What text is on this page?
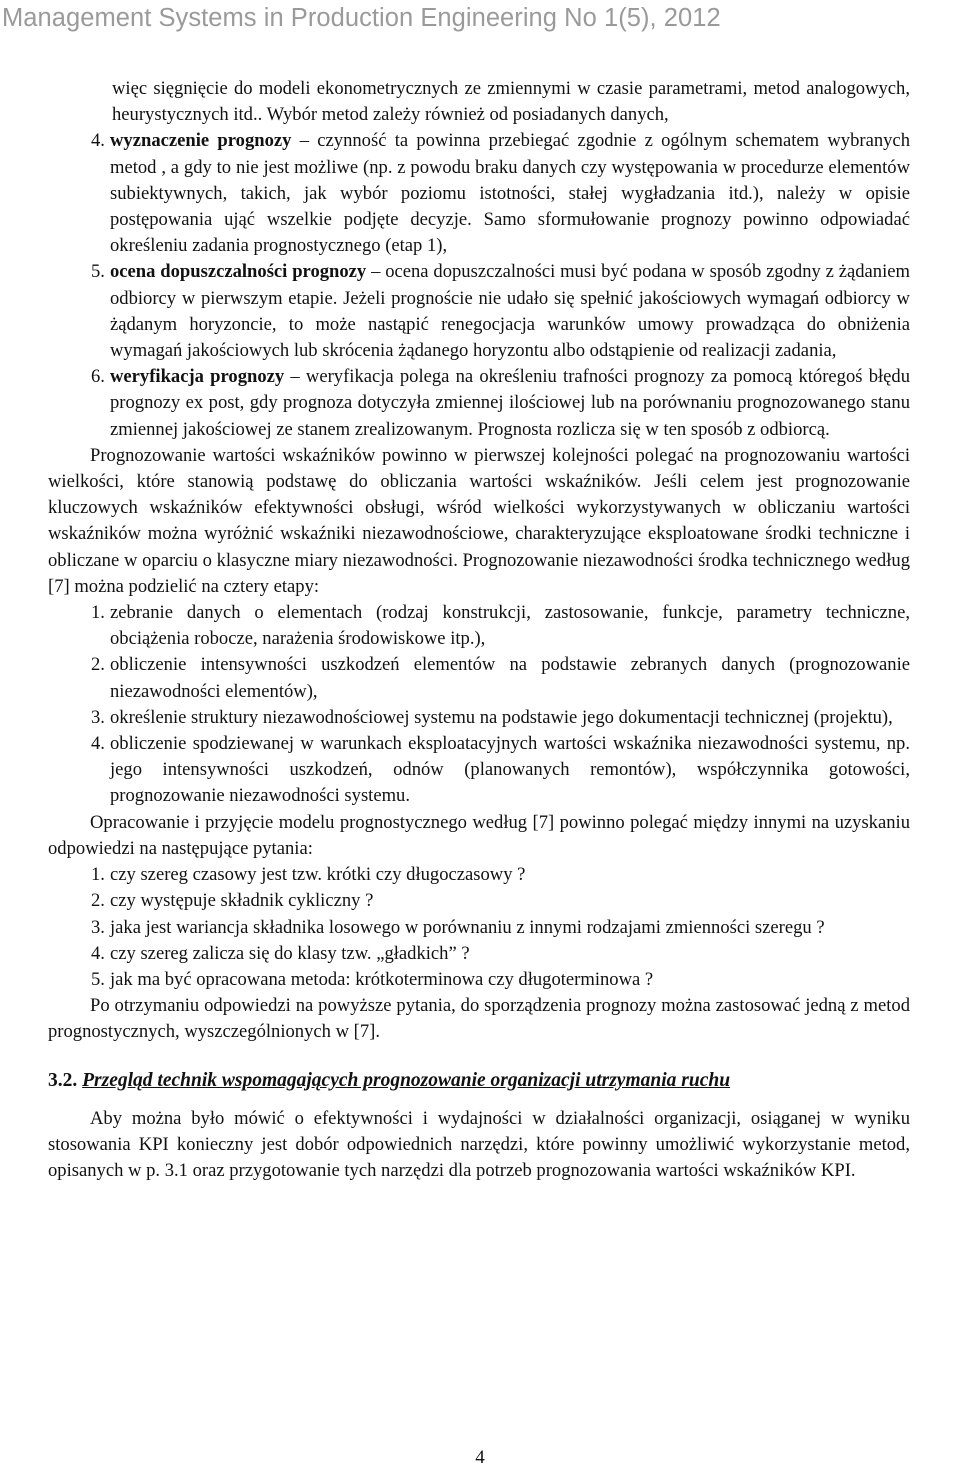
Management Systems in Production Engineering No 1(5), 2012

więc sięgnięcie do modeli ekonometrycznych ze zmiennymi w czasie parametrami, metod analogowych, heurystycznych itd.. Wybór metod zależy również od posiadanych danych,

4. wyznaczenie prognozy – czynność ta powinna przebiegać zgodnie z ogólnym schematem wybranych metod , a gdy to nie jest możliwe (np. z powodu braku danych czy występowania w procedurze elementów subiektywnych, takich, jak wybór poziomu istotności, stałej wygładzania itd.), należy w opisie postępowania ująć wszelkie podjęte decyzje. Samo sformułowanie prognozy powinno odpowiadać określeniu zadania prognostycznego (etap 1),
5. ocena dopuszczalności prognozy – ocena dopuszczalności musi być podana w sposób zgodny z żądaniem odbiorcy w pierwszym etapie. Jeżeli prognoście nie udało się spełnić jakościowych wymagań odbiorcy w żądanym horyzoncie, to może nastąpić renegocjacja warunków umowy prowadząca do obniżenia wymagań jakościowych lub skrócenia żądanego horyzontu albo odstąpienie od realizacji zadania,
6. weryfikacja prognozy – weryfikacja polega na określeniu trafności prognozy za pomocą któregoś błędu prognozy ex post, gdy prognoza dotyczyła zmiennej ilościowej lub na porównaniu prognozowanego stanu zmiennej jakościowej ze stanem zrealizowanym. Prognosta rozlicza się w ten sposób z odbiorcą.

Prognozowanie wartości wskaźników powinno w pierwszej kolejności polegać na prognozowaniu wartości wielkości, które stanowią podstawę do obliczania wartości wskaźników. Jeśli celem jest prognozowanie kluczowych wskaźników efektywności obsługi, wśród wielkości wykorzystywanych w obliczaniu wartości wskaźników można wyróżnić wskaźniki niezawodnościowe, charakteryzujące eksploatowane środki techniczne i obliczane w oparciu o klasyczne miary niezawodności. Prognozowanie niezawodności środka technicznego według [7] można podzielić na cztery etapy:

1. zebranie danych o elementach (rodzaj konstrukcji, zastosowanie, funkcje, parametry techniczne, obciążenia robocze, narażenia środowiskowe itp.),
2. obliczenie intensywności uszkodzeń elementów na podstawie zebranych danych (prognozowanie niezawodności elementów),
3. określenie struktury niezawodnościowej systemu na podstawie jego dokumentacji technicznej (projektu),
4. obliczenie spodziewanej w warunkach eksploatacyjnych wartości wskaźnika niezawodności systemu, np. jego intensywności uszkodzeń, odnów (planowanych remontów), współczynnika gotowości, prognozowanie niezawodności systemu.

Opracowanie i przyjęcie modelu prognostycznego według [7] powinno polegać między innymi na uzyskaniu odpowiedzi na następujące pytania:

1. czy szereg czasowy jest tzw. krótki czy długoczasowy ?
2. czy występuje składnik cykliczny ?
3. jaka jest wariancja składnika losowego w porównaniu z innymi rodzajami zmienności szeregu ?
4. czy szereg zalicza się do klasy tzw. „gładkich” ?
5. jak ma być opracowana metoda: krótkoterminowa czy długoterminowa ?

Po otrzymaniu odpowiedzi na powyższe pytania, do sporządzenia prognozy można zastosować jedną z metod prognostycznych, wyszczególnionych w [7].

3.2. Przegląd technik wspomagających prognozowanie organizacji utrzymania ruchu

Aby można było mówić o efektywności i wydajności w działalności organizacji, osiąganej w wyniku stosowania KPI konieczny jest dobór odpowiednich narzędzi, które powinny umożliwić wykorzystanie metod, opisanych w p. 3.1 oraz przygotowanie tych narzędzi dla potrzeb prognozowania wartości wskaźników KPI.

4
